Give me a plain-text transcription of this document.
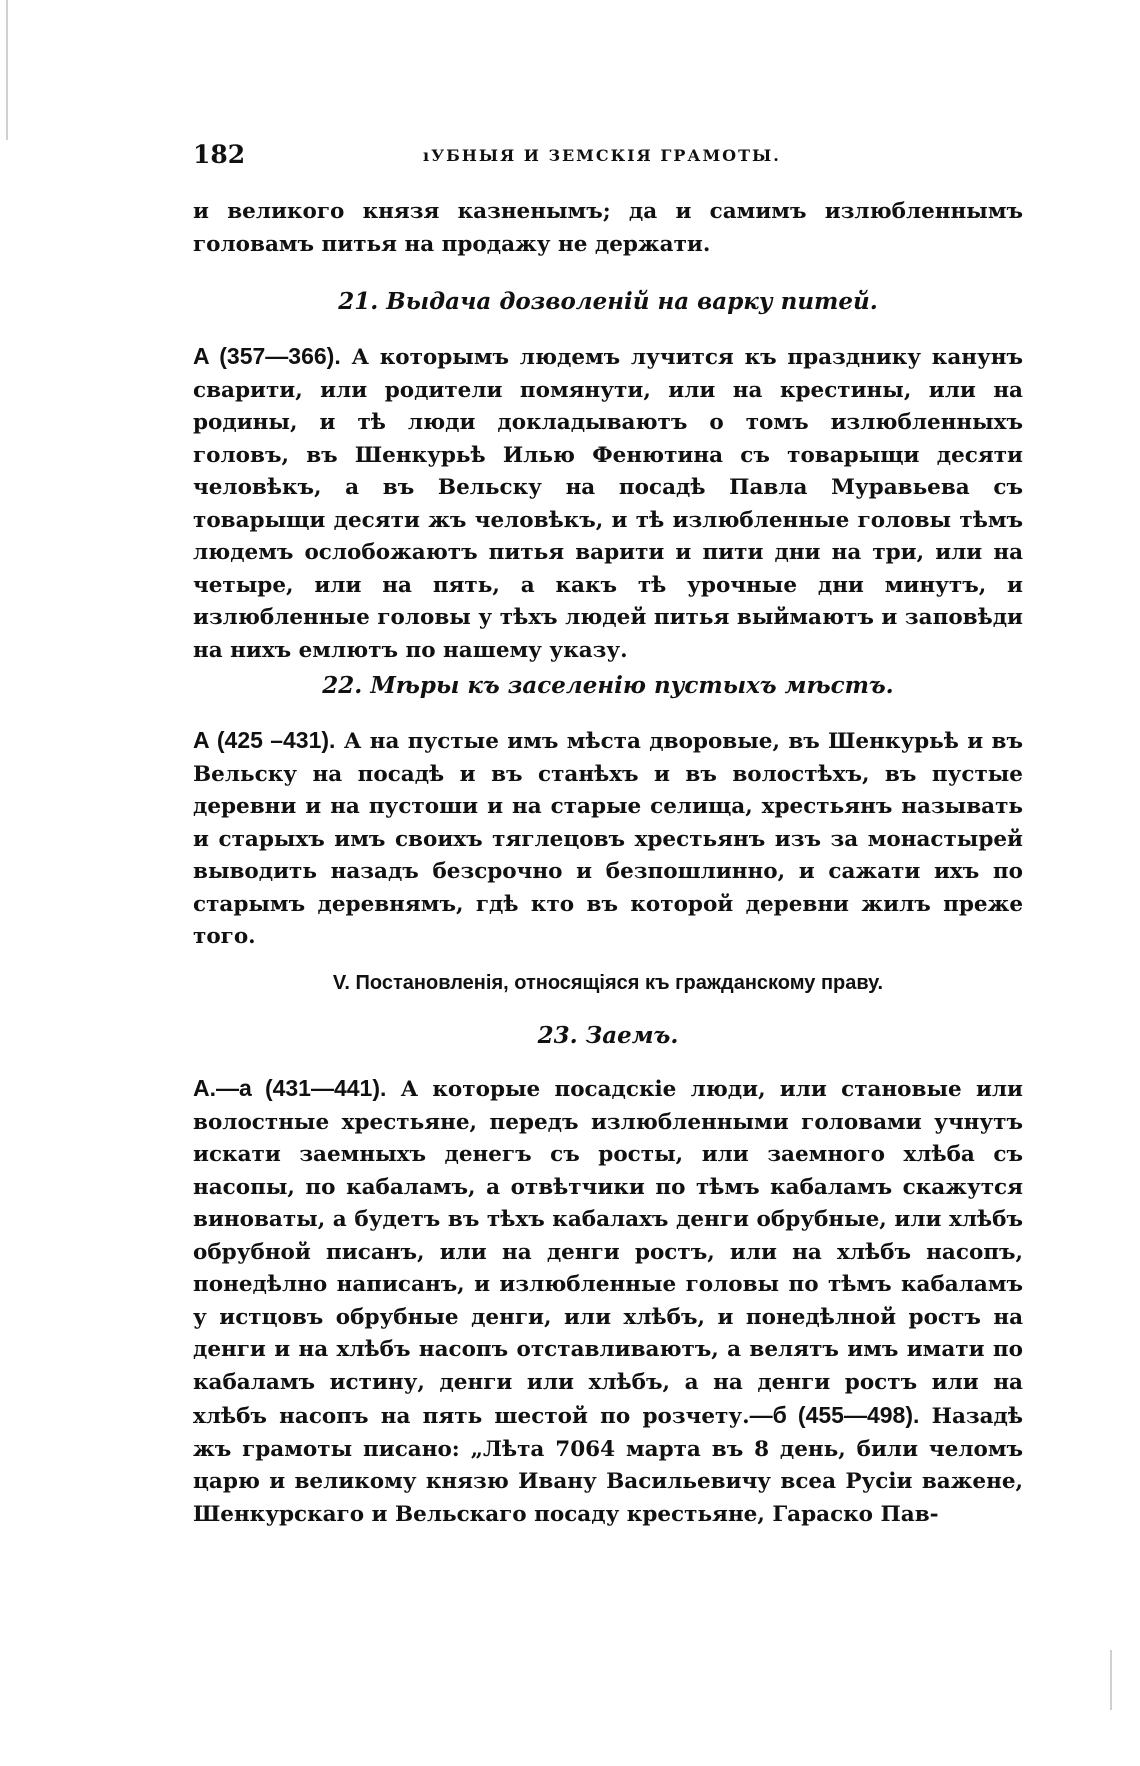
182	ıУБНЫЯ И ЗЕМСКІЯ ГРАМОТЫ.

и великого князя казненымъ; да и самимъ излюбленнымъ головамъ питья на продажу не держати.

21. Выдача дозволеній на варку питей.

А (357—366). А которымъ людемъ лучится къ празднику канунъ сварити, или родители помянути, или на крестины, или на родины, и тѣ люди докладываютъ о томъ излюбленныхъ головъ, въ Шенкурьѣ Илью Фенютина съ товарыщи десяти человѣкъ, а въ Вельску на посадѣ Павла Муравьева съ товарыщи десяти жъ человѣкъ, и тѣ излюбленные головы тѣмъ людемъ ослобожаютъ питья варити и пити дни на три, или на четыре, или на пять, а какъ тѣ урочные дни минутъ, и излюбленные головы у тѣхъ людей питья выймаютъ и заповѣди на нихъ емлютъ по нашему указу.

22. Мѣры къ заселенію пустыхъ мѣстъ.

А (425 –431). А на пустые имъ мѣста дворовые, въ Шенкурьѣ и въ Вельску на посадѣ и въ станѣхъ и въ волостѣхъ, въ пустые деревни и на пустоши и на старые селища, хрестьянъ называть и старыхъ имъ своихъ тяглецовъ хрестьянъ изъ за монастырей выводить назадъ безсрочно и безпошлинно, и сажати ихъ по старымъ деревнямъ, гдѣ кто въ которой деревни жилъ преже того.

V. Постановленія, относящіяся къ гражданскому праву.
23. Заемъ.

А.—а (431—441). А которые посадскіе люди, или становые или волостные хрестьяне, передъ излюбленными головами учнутъ искати заемныхъ денегъ съ росты, или заемного хлѣба съ насопы, по кабаламъ, а отвѣтчики по тѣмъ кабаламъ скажутся виноваты, а будетъ въ тѣхъ кабалахъ денги обрубные, или хлѣбъ обрубной писанъ, или на денги ростъ, или на хлѣбъ насопъ, понедѣлно написанъ, и излюбленные головы по тѣмъ кабаламъ у истцовъ обрубные денги, или хлѣбъ, и понедѣлной ростъ на денги и на хлѣбъ насопъ отставливаютъ, а велятъ имъ имати по кабаламъ истину, денги или хлѣбъ, а на денги ростъ или на хлѣбъ насопъ на пять шестой по розчету.—б (455—498). Назадѣ жъ грамоты писано: „Лѣта 7064 марта въ 8 день, били челомъ царю и великому князю Ивану Васильевичу всеа Русіи важене, Шенкурскаго и Вельскаго посаду крестьяне, Гараско Пав-
